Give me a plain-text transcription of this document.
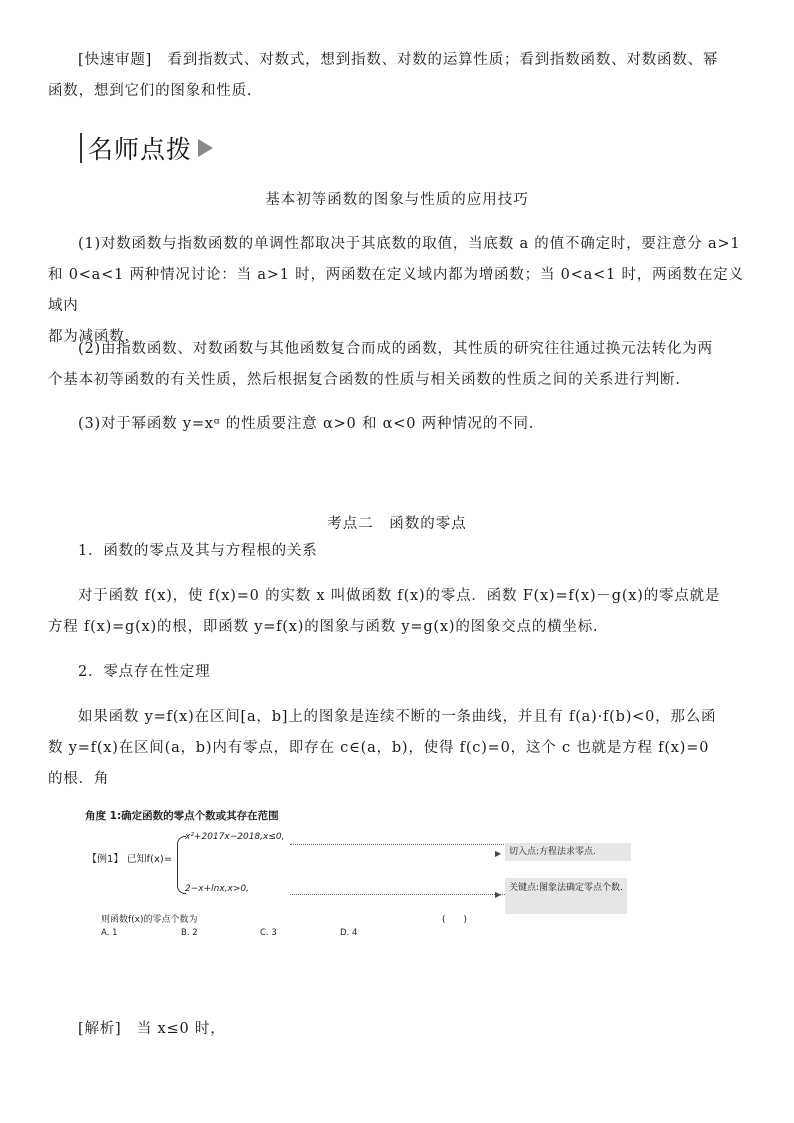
[快速审题]　 看到指数式、对数式，想到指数、对数的运算性质；看到指数函数、对数函数、幂
函数，想到它们的图象和性质.

名师点拨

基本初等函数的图象与性质的应用技巧

(1)对数函数与指数函数的单调性都取决于其底数的取值，当底数 a 的值不确定时，要注意分 a>1
和 0<a<1 两种情况讨论：当 a>1 时，两函数在定义域内都为增函数；当 0<a<1 时，两函数在定义域内
都为减函数.

(2)由指数函数、对数函数与其他函数复合而成的函数，其性质的研究往往通过换元法转化为两
个基本初等函数的有关性质，然后根据复合函数的性质与相关函数的性质之间的关系进行判断.

(3)对于幂函数 y=xᵅ 的性质要注意 α>0 和 α<0 两种情况的不同.

考点二　函数的零点

1．函数的零点及其与方程根的关系

对于函数 f(x)，使 f(x)=0 的实数 x 叫做函数 f(x)的零点．函数 F(x)=f(x)－g(x)的零点就是
方程 f(x)=g(x)的根，即函数 y=f(x)的图象与函数 y=g(x)的图象交点的横坐标.

2．零点存在性定理

如果函数 y=f(x)在区间[a，b]上的图象是连续不断的一条曲线，并且有 f(a)·f(b)<0，那么函
数 y=f(x)在区间(a，b)内有零点，即存在 c∈(a，b)，使得 f(c)=0，这个 c 也就是方程 f(x)=0
的根．角

角度 1:确定函数的零点个数或其存在范围
【例1】 已知f(x)=
x²+2017x−2018,x≤0,
2−x+lnx,x>0,
▶
▶
切入点:方程法求零点.
关键点:图象法确定零点个数.
则函数f(x)的零点个数为	(　　)
A. 1	B. 2	C. 3	D. 4

[解析]　 当 x≤0 时，
